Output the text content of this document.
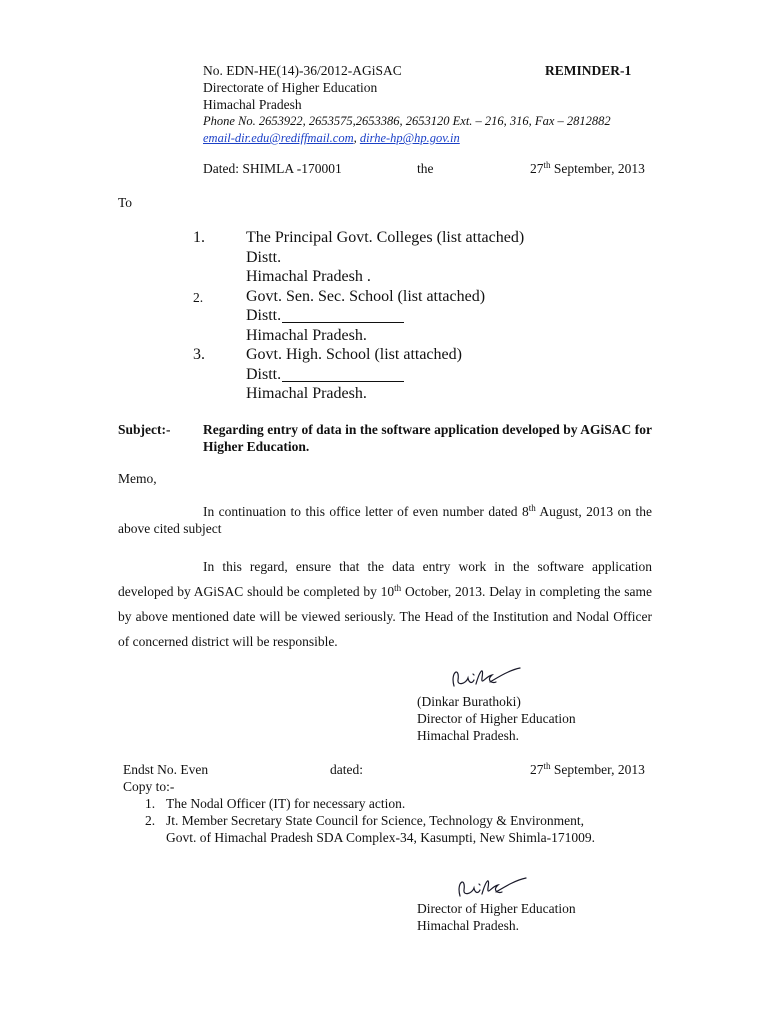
No. EDN-HE(14)-36/2012-AGiSAC	REMINDER-1
Directorate of Higher Education
Himachal Pradesh
Phone No. 2653922, 2653575,2653386, 2653120 Ext. – 216, 316, Fax – 2812882
email-dir.edu@rediffmail.com, dirhe-hp@hp.gov.in
Dated: SHIMLA -170001	the	27th September, 2013
To
1.	The Principal Govt. Colleges (list attached)
Distt.
Himachal Pradesh .
2.	Govt. Sen. Sec. School (list attached)
Distt.
Himachal Pradesh.
3.	Govt. High. School (list attached)
Distt.
Himachal Pradesh.
Subject:- Regarding entry of data in the software application developed by AGiSAC for Higher Education.
Memo,
In continuation to this office letter of even number dated 8th August, 2013 on the above cited subject
In this regard, ensure that the data entry work in the software application developed by AGiSAC should be completed by 10th October, 2013. Delay in completing the same by above mentioned date will be viewed seriously. The Head of the Institution and Nodal Officer of concerned district will be responsible.
(Dinkar Burathoki)
Director of Higher Education
Himachal Pradesh.
Endst No. Even	dated:	27th September, 2013
Copy to:-
1. The Nodal Officer (IT) for necessary action.
2. Jt. Member Secretary State Council for Science, Technology & Environment,
Govt. of Himachal Pradesh SDA Complex-34, Kasumpti, New Shimla-171009.
Director of Higher Education
Himachal Pradesh.
